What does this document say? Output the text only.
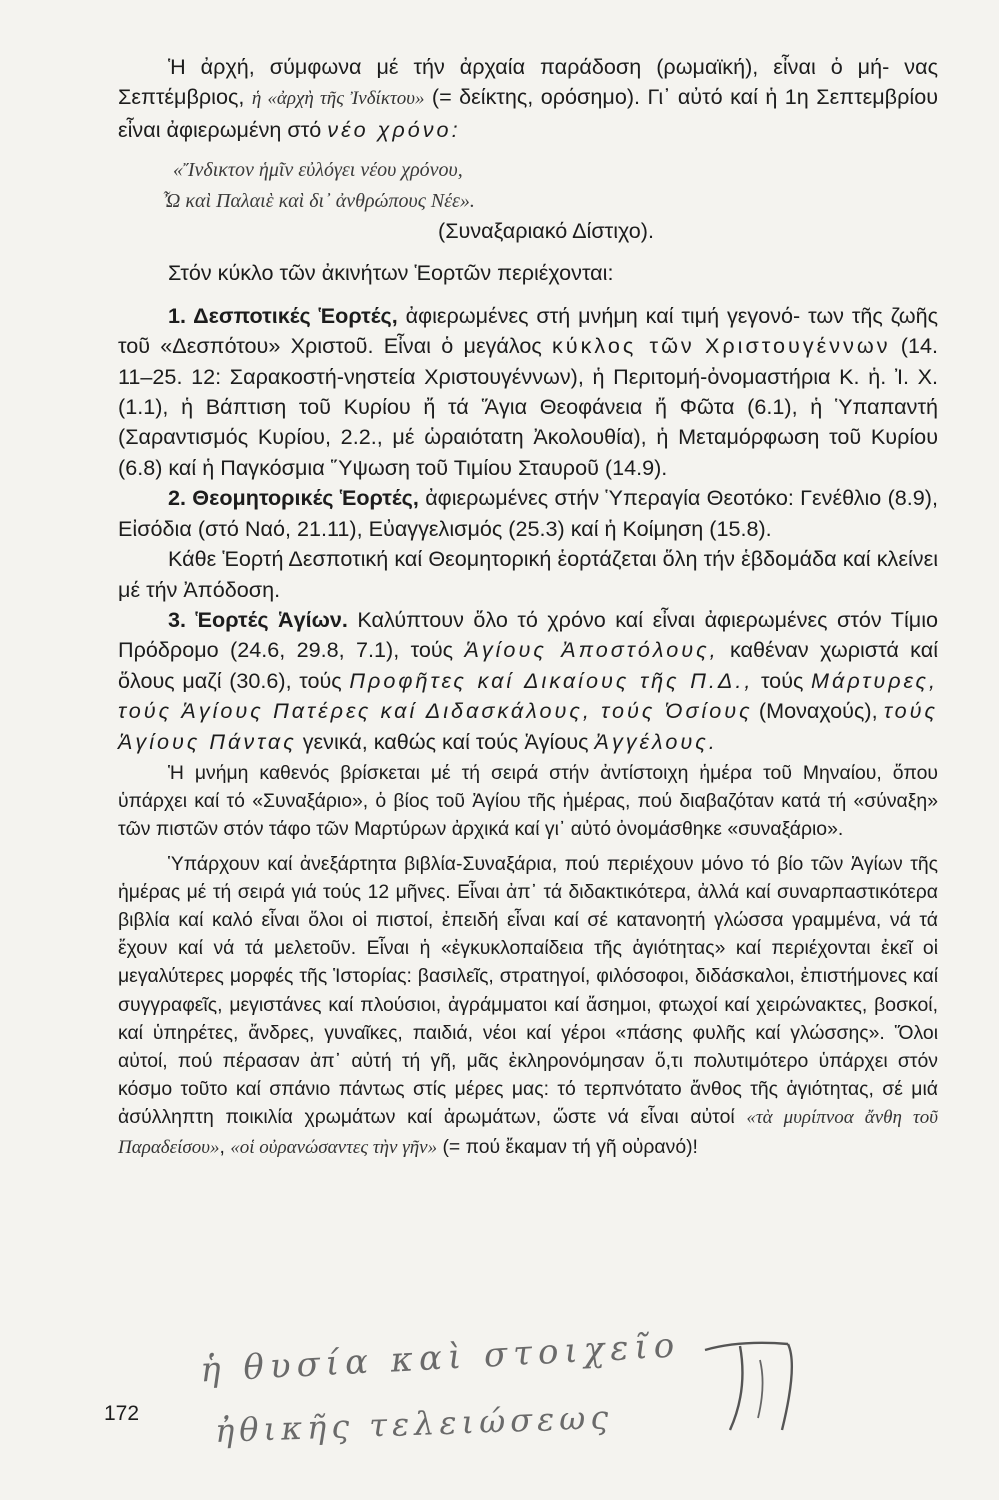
Ἡ ἀρχή, σύμφωνα μέ τήν ἀρχαία παράδοση (ρωμαϊκή), εἶναι ὁ μή- νας Σεπτέμβριος, ἡ «ἀρχὴ τῆς Ἰνδίκτου» (= δείκτης, ορόσημο). Γι᾽ αὐτό καί ἡ 1η Σεπτεμβρίου εἶναι ἀφιερωμένη στό νέο χρόνο:

«Ἴνδικτον ἡμῖν εὐλόγει νέου χρόνου,
Ὦ καὶ Παλαιὲ καὶ δι᾽ ἀνθρώπους Νέε».
(Συναξαριακό Δίστιχο).

Στόν κύκλο τῶν ἀκινήτων Ἑορτῶν περιέχονται:

1. Δεσποτικές Ἑορτές, ἀφιερωμένες στή μνήμη καί τιμή γεγονό- των τῆς ζωῆς τοῦ «Δεσπότου» Χριστοῦ. Εἶναι ὁ μεγάλος κύκλος τῶν Χριστουγέννων (14. 11–25. 12: Σαρακοστή-νηστεία Χριστουγέννων), ἡ Περιτομή-ὀνομαστήρια Κ. ἡ. Ἰ. Χ. (1.1), ἡ Βάπτιση τοῦ Κυρίου ἤ τά Ἅγια Θεοφάνεια ἤ Φῶτα (6.1), ἡ Ὑπαπαντή (Σαραντισμός Κυρίου, 2.2., μέ ὡραιότατη Ἀκολουθία), ἡ Μεταμόρφωση τοῦ Κυρίου (6.8) καί ἡ Παγκόσμια Ὕψωση τοῦ Τιμίου Σταυροῦ (14.9).

2. Θεομητορικές Ἑορτές, ἀφιερωμένες στήν Ὑπεραγία Θεοτόκο: Γενέθλιο (8.9), Εἰσόδια (στό Ναό, 21.11), Εὐαγγελισμός (25.3) καί ἡ Κοίμηση (15.8).

Κάθε Ἑορτή Δεσποτική καί Θεομητορική ἑορτάζεται ὅλη τήν ἑβδομάδα καί κλείνει μέ τήν Ἀπόδοση.

3. Ἑορτές Ἁγίων. Καλύπτουν ὅλο τό χρόνο καί εἶναι ἀφιερωμένες στόν Τίμιο Πρόδρομο (24.6, 29.8, 7.1), τούς Ἁγίους Ἀποστόλους, καθέναν χωριστά καί ὅλους μαζί (30.6), τούς Προφῆτες καί Δικαίους τῆς Π.Δ., τούς Μάρτυρες, τούς Ἁγίους Πατέρες καί Διδασκάλους, τούς Ὁσίους (Μοναχούς), τούς Ἁγίους Πάντας γενικά, καθώς καί τούς Ἁγίους Ἀγγέλους.

Ἡ μνήμη καθενός βρίσκεται μέ τή σειρά στήν ἀντίστοιχη ἡμέρα τοῦ Μηναίου, ὅπου ὑπάρχει καί τό «Συναξάριο», ὁ βίος τοῦ Ἁγίου τῆς ἡμέρας, πού διαβαζόταν κατά τή «σύναξη» τῶν πιστῶν στόν τάφο τῶν Μαρτύρων ἀρχικά καί γι᾽ αὐτό ὀνομάσθηκε «συναξάριο».

Ὑπάρχουν καί ἀνεξάρτητα βιβλία-Συναξάρια, πού περιέχουν μόνο τό βίο τῶν Ἁγίων τῆς ἡμέρας μέ τή σειρά γιά τούς 12 μῆνες. Εἶναι ἀπ᾽ τά διδακτικότερα, ἀλλά καί συναρπαστικότερα βιβλία καί καλό εἶναι ὅλοι οἱ πιστοί, ἐπειδή εἶναι καί σέ κατανοητή γλώσσα γραμμένα, νά τά ἔχουν καί νά τά μελετοῦν. Εἶναι ἡ «ἐγκυκλοπαίδεια τῆς ἁγιότητας» καί περιέχονται ἐκεῖ οἱ μεγαλύτερες μορφές τῆς Ἱστορίας: βασιλεῖς, στρατηγοί, φιλόσοφοι, διδάσκαλοι, ἐπιστήμονες καί συγγραφεῖς, μεγιστάνες καί πλούσιοι, ἀγράμματοι καί ἄσημοι, φτωχοί καί χειρώνακτες, βοσκοί, καί ὑπηρέτες, ἄνδρες, γυναῖκες, παιδιά, νέοι καί γέροι «πάσης φυλῆς καί γλώσσης». Ὅλοι αὐτοί, πού πέρασαν ἀπ᾽ αὐτή τή γῆ, μᾶς ἐκληρονόμησαν ὅ,τι πολυτιμότερο ὑπάρχει στόν κόσμο τοῦτο καί σπάνιο πάντως στίς μέρες μας: τό τερπνότατο ἄνθος τῆς ἁγιότητας, σέ μιά ἀσύλληπτη ποικιλία χρωμάτων καί ἀρωμάτων, ὥστε νά εἶναι αὐτοί «τὰ μυρίπνοα ἄνθη τοῦ Παραδείσου», «οἱ οὐρανώσαντες τὴν γῆν» (= πού ἔκαμαν τή γῆ οὐρανό)!

ἡ θυσία καὶ στοιχεῖο
ἠθικῆς τελειώσεως
172
